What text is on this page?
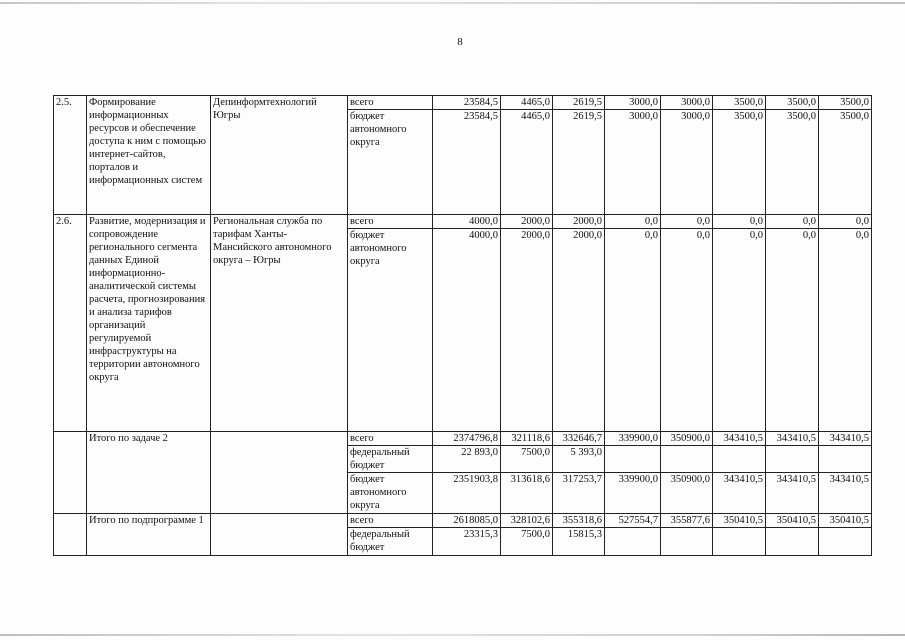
8
2.5.	Формирование информационных ресурсов и обеспечение доступа к ним с помощью интернет-сайтов, порталов и информационных систем	Депинформтехнологий Югры	всего	23584,5	4465,0	2619,5	3000,0	3000,0	3500,0	3500,0	3500,0
			бюджет автономного округа	23584,5	4465,0	2619,5	3000,0	3000,0	3500,0	3500,0	3500,0
2.6.	Развитие, модернизация и сопровождение регионального сегмента данных Единой информационно-аналитической системы расчета, прогнозирования и анализа тарифов организаций регулируемой инфраструктуры на территории автономного округа	Региональная служба по тарифам Ханты-Мансийского автономного округа – Югры	всего	4000,0	2000,0	2000,0	0,0	0,0	0,0	0,0	0,0
			бюджет автономного округа	4000,0	2000,0	2000,0	0,0	0,0	0,0	0,0	0,0
	Итого по задаче 2		всего	2374796,8	321118,6	332646,7	339900,0	350900,0	343410,5	343410,5	343410,5
			федеральный бюджет	22 893,0	7500,0	5 393,0					
			бюджет автономного округа	2351903,8	313618,6	317253,7	339900,0	350900,0	343410,5	343410,5	343410,5
	Итого по подпрограмме 1		всего	2618085,0	328102,6	355318,6	527554,7	355877,6	350410,5	350410,5	350410,5
			федеральный бюджет	23315,3	7500,0	15815,3					
